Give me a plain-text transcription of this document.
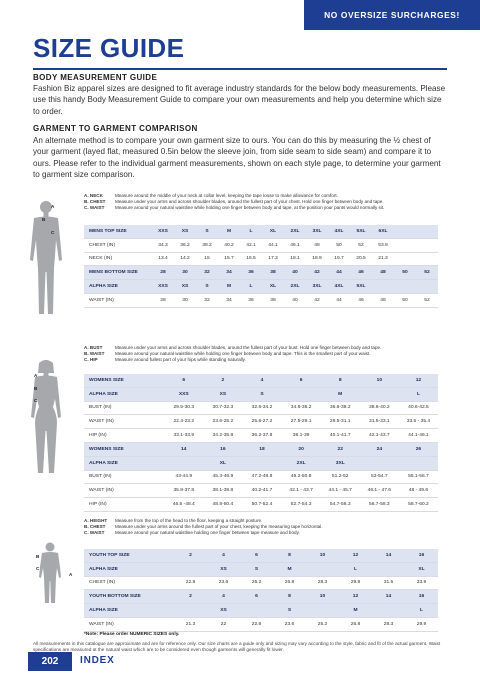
NO OVERSIZE SURCHARGES!
SIZE GUIDE
BODY MEASUREMENT GUIDE
Fashion Biz apparel sizes are designed to fit average industry standards for the below body measurements. Please use this handy Body Measurement Guide to compare your own measurements and help you determine which size to order.
GARMENT TO GARMENT COMPARISON
An alternate method is to compare your own garment size to ours. You can do this by measuring the ½ chest of your garment (layed flat, measured 0.5in below the sleeve join, from side seam to side seam) and compare it to ours. Please refer to the individual garment measurements, shown on each style page, to determine your garment to garment size comparison.
A. NECK	Measure around the middle of your neck at collar level, keeping the tape loose to make allowance for comfort.
B. CHEST	Measure under your arms and across shoulder blades, around the fullest part of your chest. Hold one finger between body and tape.
C. WAIST	Measure around your natural waistline while holding one finger between body and tape, at the position your pants would normally sit.
A
B
C	MENS TOP SIZE	XXS	XS	S	M	L	XL	2XL	3XL	4XL	5XL	6XL		
CHEST (IN)	34.3	36.2	38.2	40.2	42.1	44.1	46.1	48	50	52	53.9		
NECK (IN)	13.4	14.2	15	15.7	16.5	17.3	18.1	18.9	19.7	20.5	21.3		
MENS BOTTOM SIZE	28	30	32	34	36	38	40	42	44	46	48	50	52
ALPHA SIZE	XXS	XS	S	M	L	XL	2XL	3XL	4XL	5XL			
WAIST (IN)	28	30	32	34	36	38	40	42	44	46	48	50	52
A. BUST	Measure under your arms and across shoulder blades, around the fullest part of your bust. Hold one finger between body and tape.
B. WAIST	Measure around your natural waistline while holding one finger between body and tape. This is the smallest part of your waist.
C. HIP	Measure around fullest part of your hips while standing naturally.
A
B
C
WOMENS SIZE	6	2	4	6	8	10	12
ALPHA SIZE	XXS	XS	S		M		L
BUST (IN)	29.5-30.3	30.7-32.3	32.6-34.2	34.6-36.2	36.6-38.2	38.6-40.2	40.6-42.5
WAIST (IN)	22.4-23.2	23.6-25.2	25.6-27.2	27.5-29.1	29.5-31.1	31.5-33.1	33.5 - 35.4
HIP (IN)	33.1-33.9	34.2-35.8	36.2-37.8	38.1-39	40.1-41.7	42.1-43.7	44.1-46.1
WOMENS SIZE	14	16	18	20	22	24	26
ALPHA SIZE		XL		2XL	3XL		
BUST (IN)	43-44.9	45.3-46.9	47.2-48.8	49.2-50.8	51.2-52	53-54.7	55.1-56.7
WAIST (IN)	35.8-37.8	38.1-39.8	40.2-41.7	42.1 - 43.7	44.1 - 45.7	46.1 - 47.6	48 - 49.6
HIP (IN)	46.5 -48.4	48.8-50.4	50.7-52.4	52.7-54.3	54.7-56.3	56.7-58.3	58.7-60.2
A. HEIGHT	Measure from the top of the head to the floor, keeping a straight posture.
B. CHEST	Measure under your arms around the fullest part of your chest, keeping the measuring tape horizontal.
C. WAIST	Measure around your natural waistline holding one finger between tape measure and body.
B
C
A
YOUTH TOP SIZE	2	4	6	8	10	12	14	16
ALPHA SIZE		XS	S	M		L		XL
CHEST (IN)	22.8	23.6	25.2	26.8	28.3	29.9	31.5	33.9
YOUTH BOTTOM SIZE	2	4	6	8	10	12	14	16
ALPHA SIZE		XS		S		M		L
WAIST (IN)	21.3	22	22.8	23.6	25.2	26.8	28.3	29.9
*Note: Please order NUMERIC SIZES only.
All measurements in this catalogue are approximate and are for reference only. Our size charts are a guide only and sizing may vary according to the style, fabric and fit of the actual garment. Waist specifications are measured at the natural waist which are to be considered even though garments will generally fit lower.
202	INDEX
